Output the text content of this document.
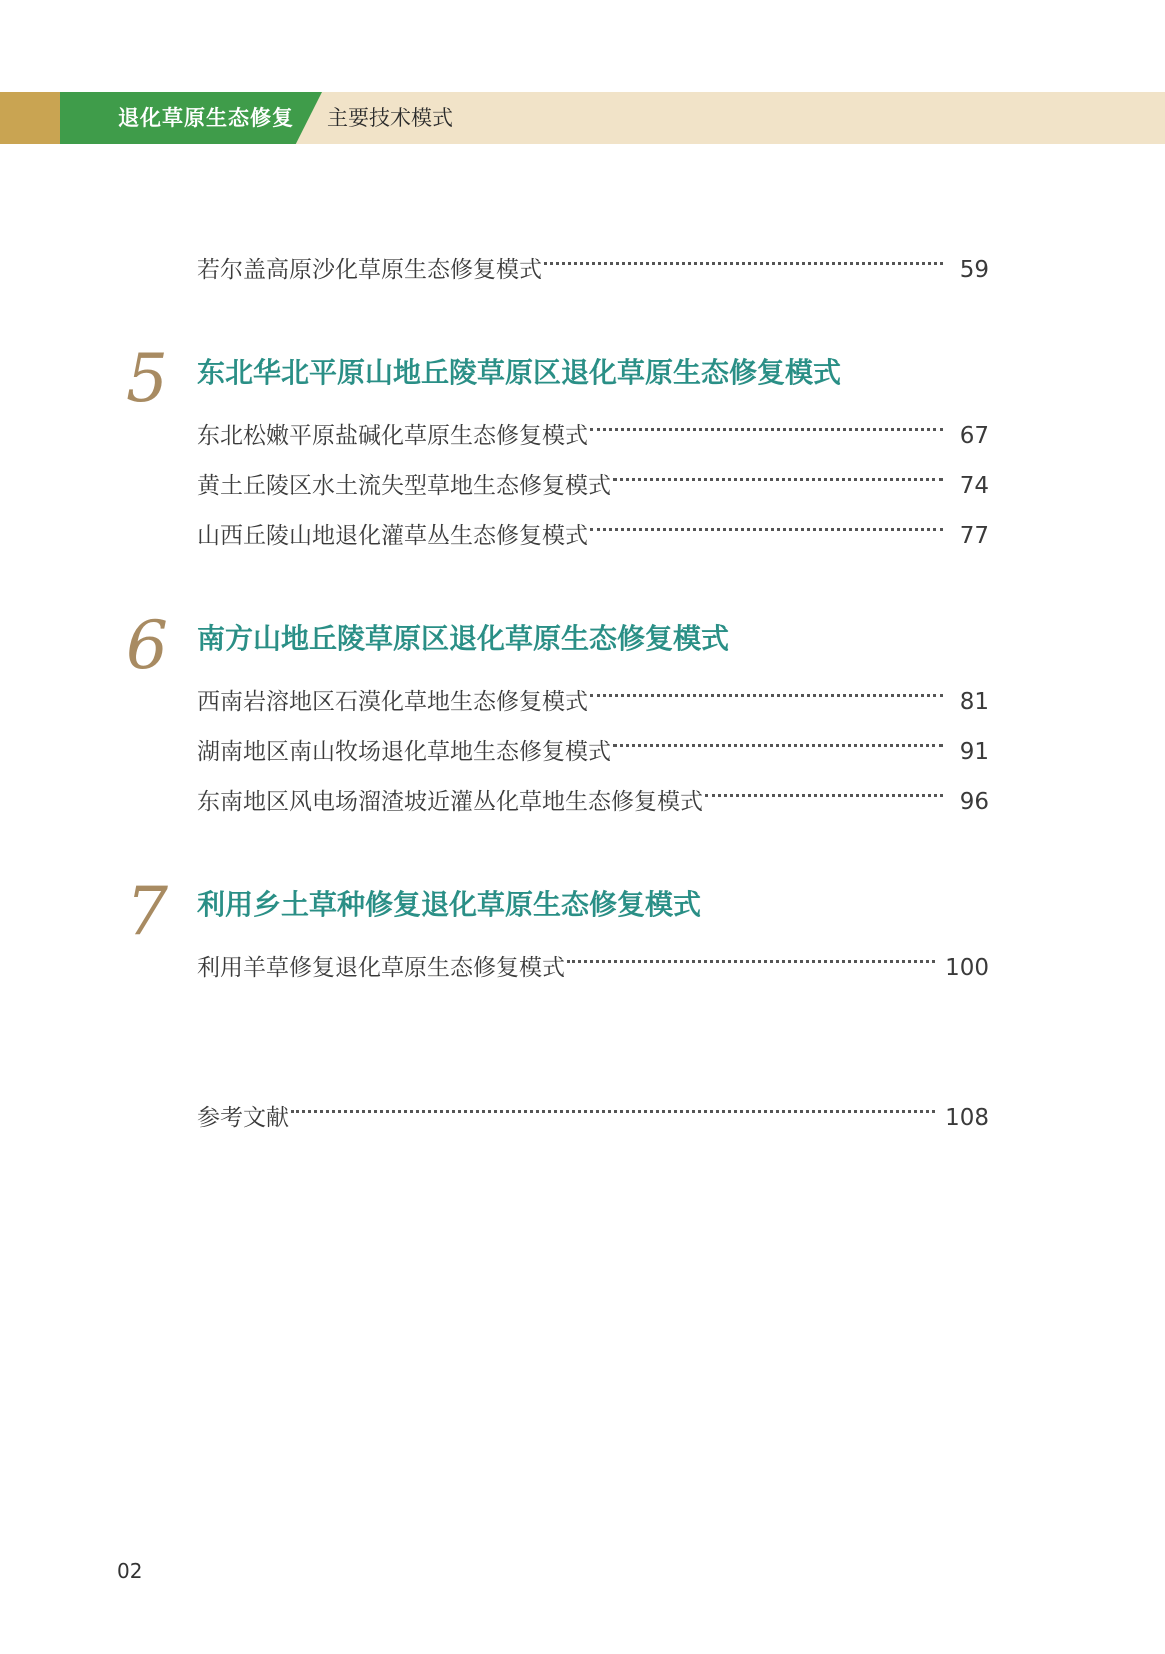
退化草原生态修复 主要技术模式
若尔盖高原沙化草原生态修复模式	59
5	东北华北平原山地丘陵草原区退化草原生态修复模式
东北松嫩平原盐碱化草原生态修复模式	67
黄土丘陵区水土流失型草地生态修复模式	74
山西丘陵山地退化灌草丛生态修复模式	77
6	南方山地丘陵草原区退化草原生态修复模式
西南岩溶地区石漠化草地生态修复模式	81
湖南地区南山牧场退化草地生态修复模式	91
东南地区风电场溜渣坡近灌丛化草地生态修复模式	96
7	利用乡土草种修复退化草原生态修复模式
利用羊草修复退化草原生态修复模式	100
参考文献	108
02
